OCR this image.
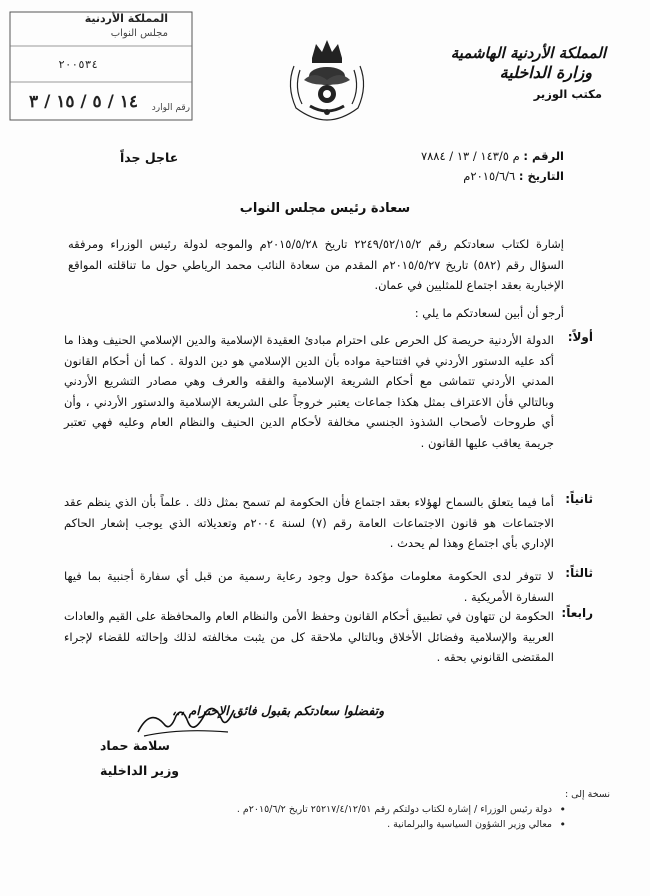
المملكة الأردنية الهاشمية
وزارة الداخلية
مكتب الوزير
المملكة الأردنية
مجلس النواب
٢٠٠٥٣٤
رقم الوارد
١٤ / ٥ / ١٥ / ٣
الرقم : م ١٤٣/٥ / ١٣ / ٧٨٨٤
التاريخ : ٢٠١٥/٦/٦م
عاجل جداً
سعادة رئيس مجلس النواب
إشارة لكتاب سعادتكم رقم ٢٢٤٩/٥٢/١٥/٢ تاريخ ٢٠١٥/٥/٢٨م والموجه لدولة رئيس الوزراء ومرفقه السؤال رقم (٥٨٢) تاريخ ٢٠١٥/٥/٢٧م المقدم من سعادة النائب محمد الرياطي حول ما تناقلته المواقع الإخبارية بعقد اجتماع للمثليين في عمان.
أرجو أن أبين لسعادتكم ما يلي :
أولاً:
الدولة الأردنية حريصة كل الحرص على احترام مبادئ العقيدة الإسلامية والدين الإسلامي الحنيف وهذا ما أكد عليه الدستور الأردني في افتتاحية مواده بأن الدين الإسلامي هو دين الدولة . كما أن أحكام القانون المدني الأردني تتماشى مع أحكام الشريعة الإسلامية والفقه والعرف وهي مصادر التشريع الأردني وبالتالي فأن الاعتراف بمثل هكذا جماعات يعتبر خروجاً على الشريعة الإسلامية والدستور الأردني ، وأن أي طروحات لأصحاب الشذوذ الجنسي مخالفة لأحكام الدين الحنيف والنظام العام وعليه فهي تعتبر جريمة يعاقب عليها القانون .
ثانياً:
أما فيما يتعلق بالسماح لهؤلاء بعقد اجتماع فأن الحكومة لم تسمح بمثل ذلك . علماً بأن الذي ينظم عقد الاجتماعات هو قانون الاجتماعات العامة رقم (٧) لسنة ٢٠٠٤م وتعديلاته الذي يوجب إشعار الحاكم الإداري بأي اجتماع وهذا لم يحدث .
ثالثاً:
لا تتوفر لدى الحكومة معلومات مؤكدة حول وجود رعاية رسمية من قبل أي سفارة أجنبية بما فيها السفارة الأمريكية .
رابعاً:
الحكومة لن تتهاون في تطبيق أحكام القانون وحفظ الأمن والنظام العام والمحافظة على القيم والعادات العربية والإسلامية وفضائل الأخلاق وبالتالي ملاحقة كل من يثبت مخالفته لذلك وإحالته للقضاء لإجراء المقتضى القانوني بحقه .
وتفضلوا سعادتكم بقبول فائق الإحترام ،،،
سلامة حماد
وزير الداخلية
نسخة إلى :
• دولة رئيس الوزراء / إشارة لكتاب دولتكم رقم ٢٥٢١٧/٤/١٢/٥١ تاريخ ٢٠١٥/٦/٢م .
• معالي وزير الشؤون السياسية والبرلمانية .
